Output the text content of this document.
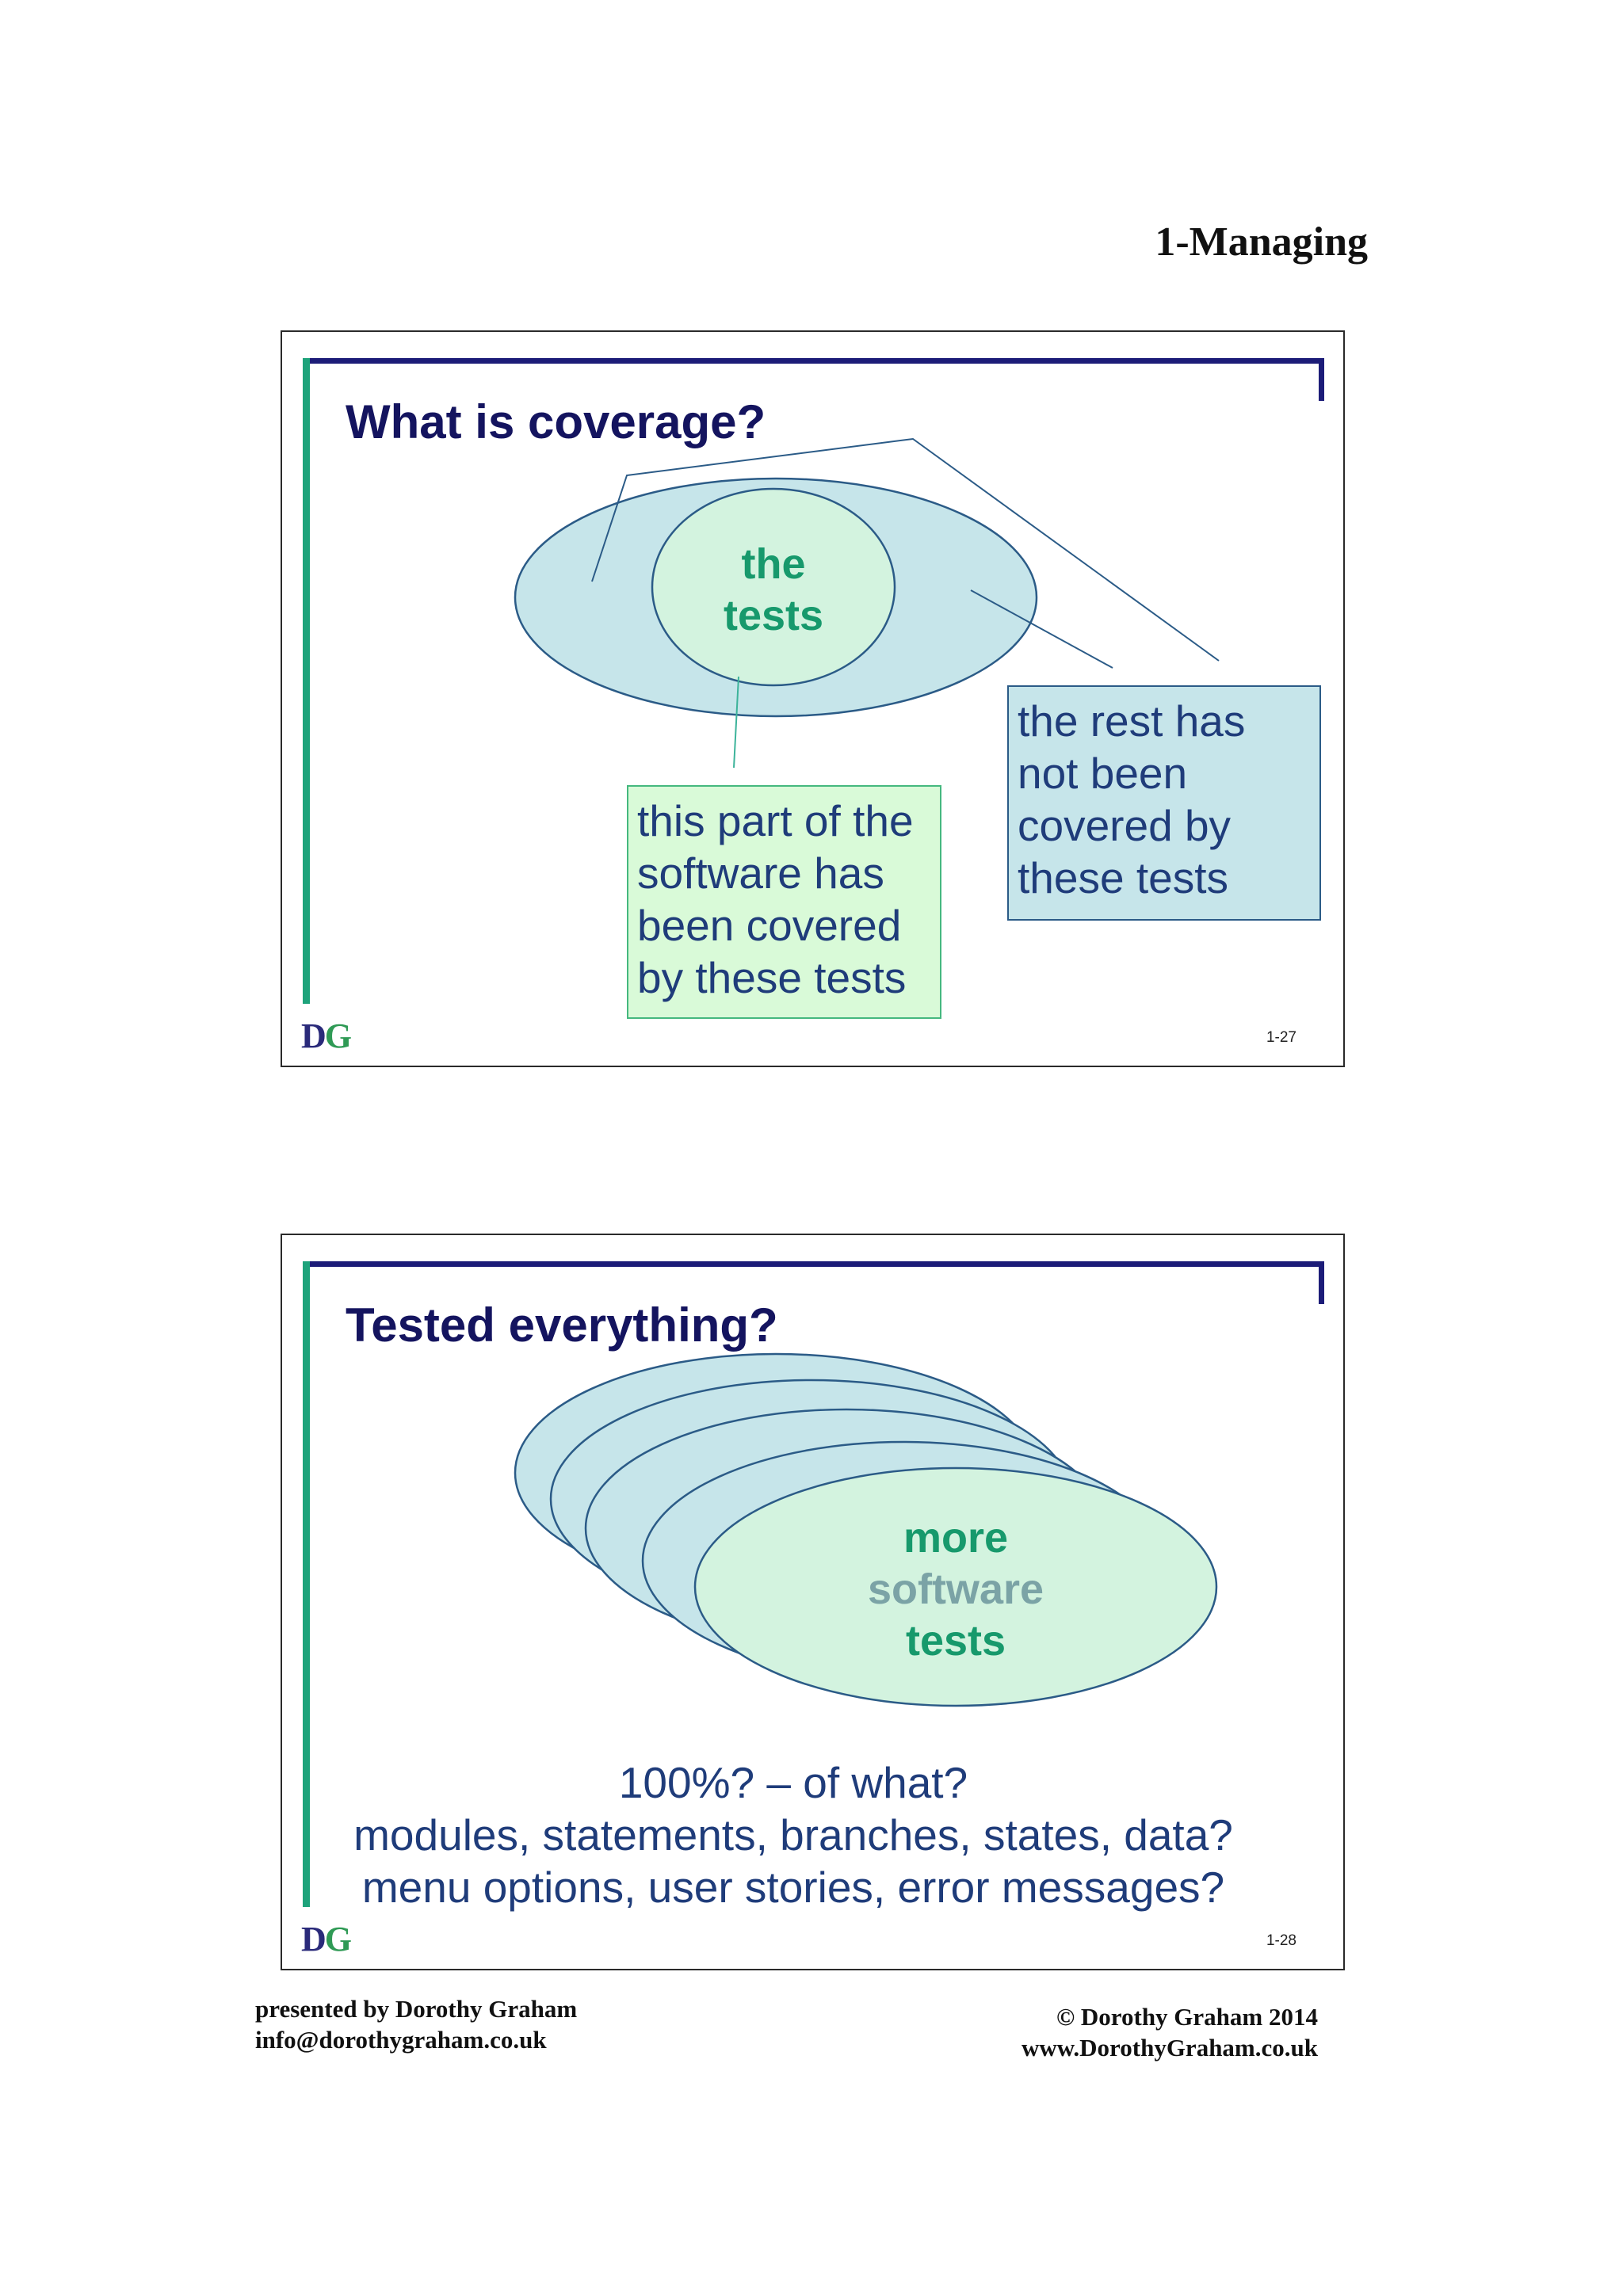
1-Managing
What is coverage?
the
tests
this part of the
software has
been covered
by these tests
the rest has
not been
covered by
these tests
DG	1-27
Tested everything?
more
software
tests
100%? – of what?
modules, statements, branches, states, data?
menu options, user stories, error messages?
DG	1-28
presented by Dorothy Graham
info@dorothygraham.co.uk
© Dorothy Graham 2014
www.DorothyGraham.co.uk
